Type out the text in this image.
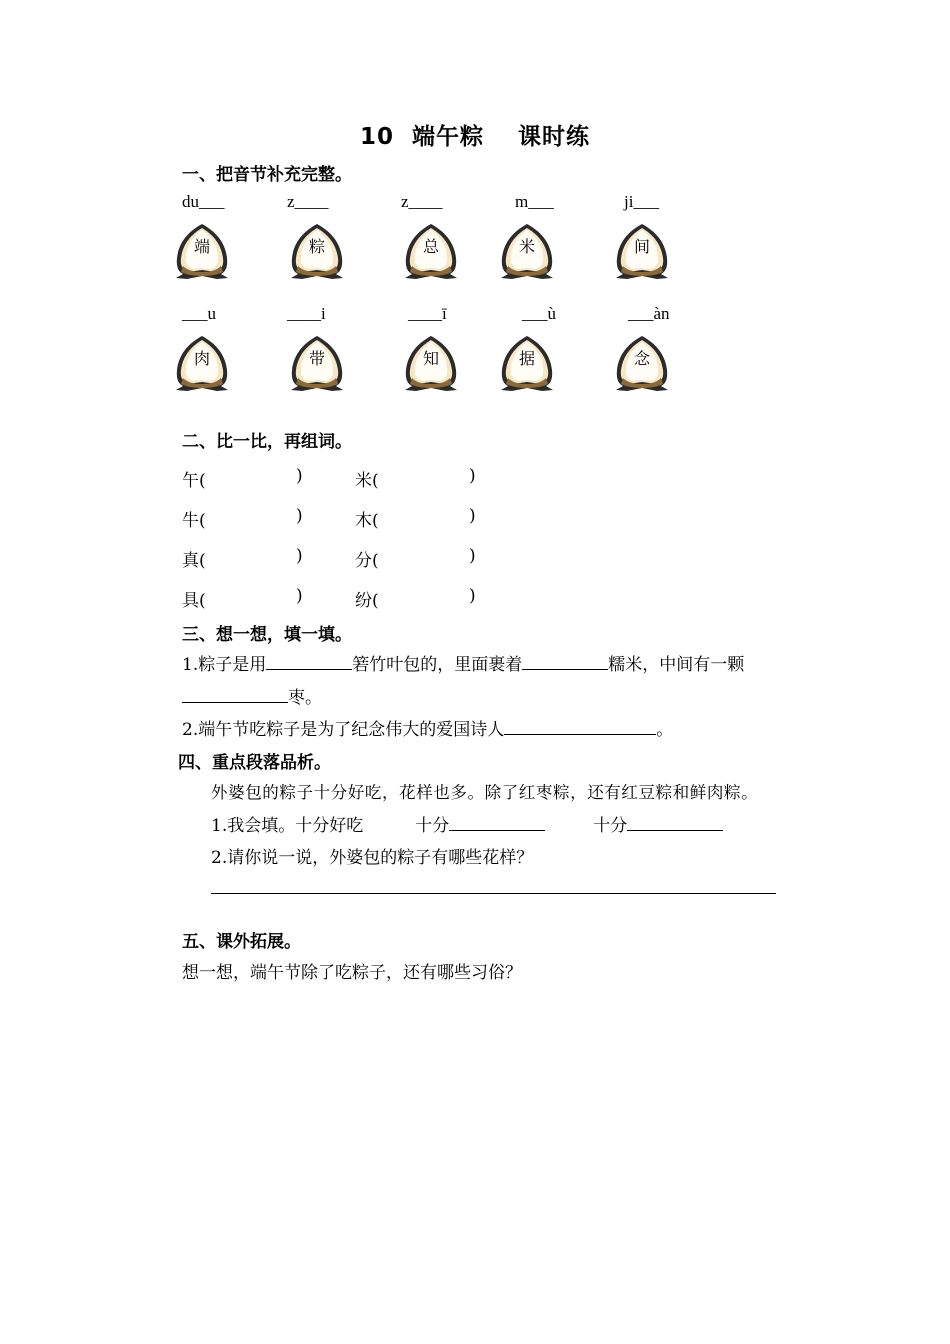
10 端午粽 课时练
一、把音节补充完整。
du___
端
z____
粽
z____
总
m___
米
ji___
间
___u
肉
____i
带
____ī
知
___ù
据
___àn
念
二、比一比，再组词。
午(	)	米(	)
牛(	)	木(	)
真(	)	分(	)
具(	)	纷(	)
三、想一想，填一填。
1.粽子是用	箬竹叶包的，里面裹着	糯米，中间有一颗
枣。
2.端午节吃粽子是为了纪念伟大的爱国诗人	。
四、重点段落品析。
外婆包的粽子十分好吃，花样也多。除了红枣粽，还有红豆粽和鲜肉粽。
1.我会填。十分好吃	十分	十分
2.请你说一说，外婆包的粽子有哪些花样？
五、课外拓展。
想一想，端午节除了吃粽子，还有哪些习俗？
